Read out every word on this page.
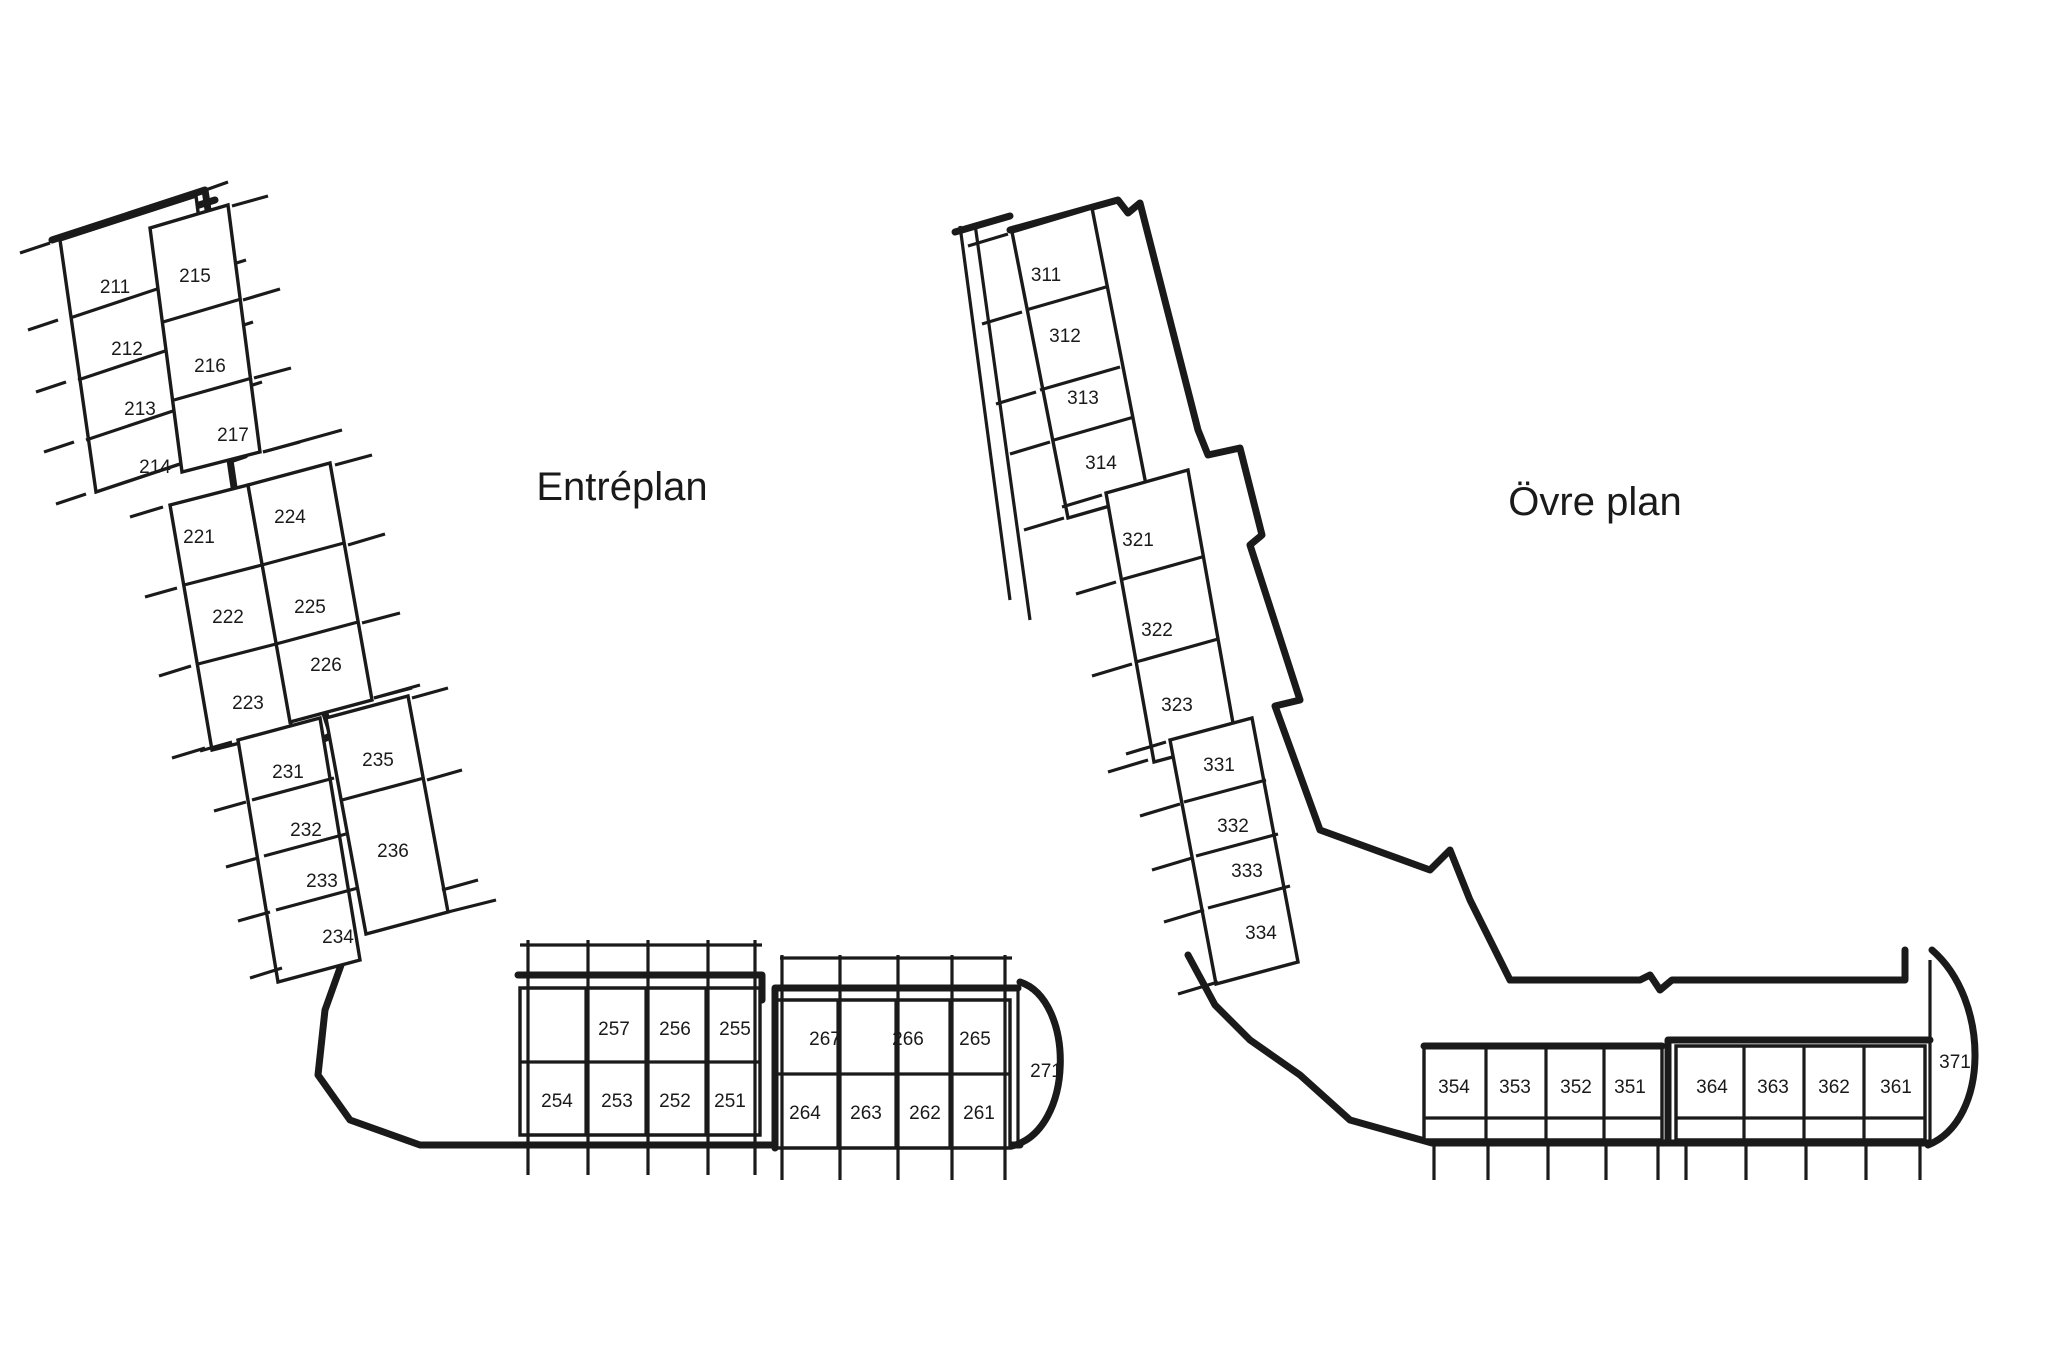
Entréplan
211
212
213
214
215
216
217
221
222
223
224
225
226
231
232
233
234
235
236
257 256 255
254 253 252 251
267	266 265
264 263 262 261
271
Övre plan
311
312
313
314
321
322
323
331
332
333
334
354 353 352 351	364 363 362 361
371
